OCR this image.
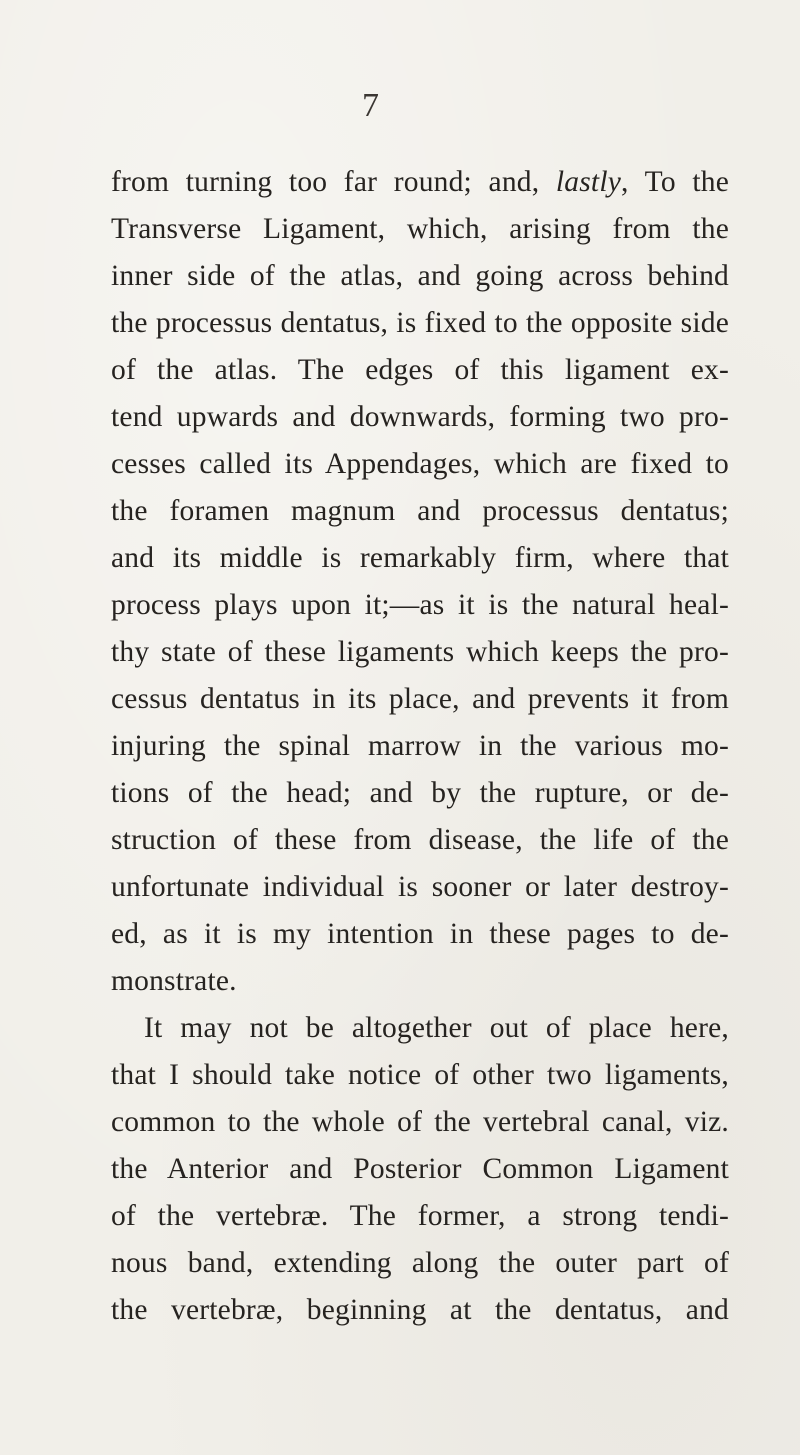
7
from turning too far round; and, lastly, To the
Transverse Ligament, which, arising from the
inner side of the atlas, and going across behind
the processus dentatus, is fixed to the opposite side
of the atlas. The edges of this ligament ex-
tend upwards and downwards, forming two pro-
cesses called its Appendages, which are fixed to
the foramen magnum and processus dentatus;
and its middle is remarkably firm, where that
process plays upon it;—as it is the natural heal-
thy state of these ligaments which keeps the pro-
cessus dentatus in its place, and prevents it from
injuring the spinal marrow in the various mo-
tions of the head; and by the rupture, or de-
struction of these from disease, the life of the
unfortunate individual is sooner or later destroy-
ed, as it is my intention in these pages to de-
monstrate.
It may not be altogether out of place here,
that I should take notice of other two ligaments,
common to the whole of the vertebral canal, viz.
the Anterior and Posterior Common Ligament
of the vertebræ. The former, a strong tendi-
nous band, extending along the outer part of
the vertebræ, beginning at the dentatus, and
